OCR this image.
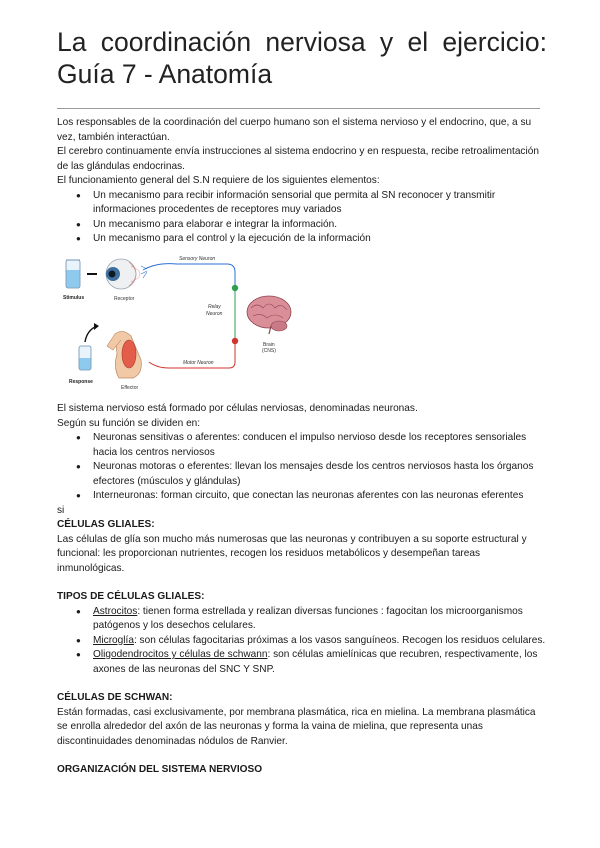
La coordinación nerviosa y el ejercicio:
Guía 7 - Anatomía

Los responsables de la coordinación del cuerpo humano son el sistema nervioso y el endocrino, que, a su vez, también interactúan.

El cerebro continuamente envía instrucciones al sistema endocrino y en respuesta, recibe retroalimentación de las glándulas endocrinas.

El funcionamiento general del S.N requiere de los siguientes elementos:

● Un mecanismo para recibir información sensorial que permita al SN reconocer y transmitir informaciones procedentes de receptores muy variados
● Un mecanismo para elaborar e integrar la información.
● Un mecanismo para el control y la ejecución de la información
Stimulus	Receptor
Sensory Neuron
Relay
Neuron
Brain
(CNS)
Motor Neuron
Response
Effector

El sistema nervioso está formado por células nerviosas, denominadas neuronas.

Según su función se dividen en:

● Neuronas sensitivas o aferentes: conducen el impulso nervioso desde los receptores sensoriales hacia los centros nerviosos
● Neuronas motoras o eferentes: llevan los mensajes desde los centros nerviosos hasta los órganos efectores (músculos y glándulas)
● Interneuronas: forman circuito, que conectan las neuronas aferentes con las neuronas eferentes

si

CÉLULAS GLIALES:

Las células de glía son mucho más numerosas que las neuronas y contribuyen a su soporte estructural y funcional: les proporcionan nutrientes, recogen los residuos metabólicos y desempeñan tareas inmunológicas.

TIPOS DE CÉLULAS GLIALES:

● Astrocitos: tienen forma estrellada y realizan diversas funciones : fagocitan los microorganismos patógenos y los desechos celulares.
● Microglía: son células fagocitarias próximas a los vasos sanguíneos. Recogen los residuos celulares.
● Oligodendrocitos y células de schwann: son células amielínicas que recubren, respectivamente, los axones de las neuronas del SNC Y SNP.

CÉLULAS DE SCHWAN:

Están formadas, casi exclusivamente, por membrana plasmática, rica en mielina. La membrana plasmática se enrolla alrededor del axón de las neuronas y forma la vaina de mielina, que representa unas discontinuidades denominadas nódulos de Ranvier.

ORGANIZACIÓN DEL SISTEMA NERVIOSO
